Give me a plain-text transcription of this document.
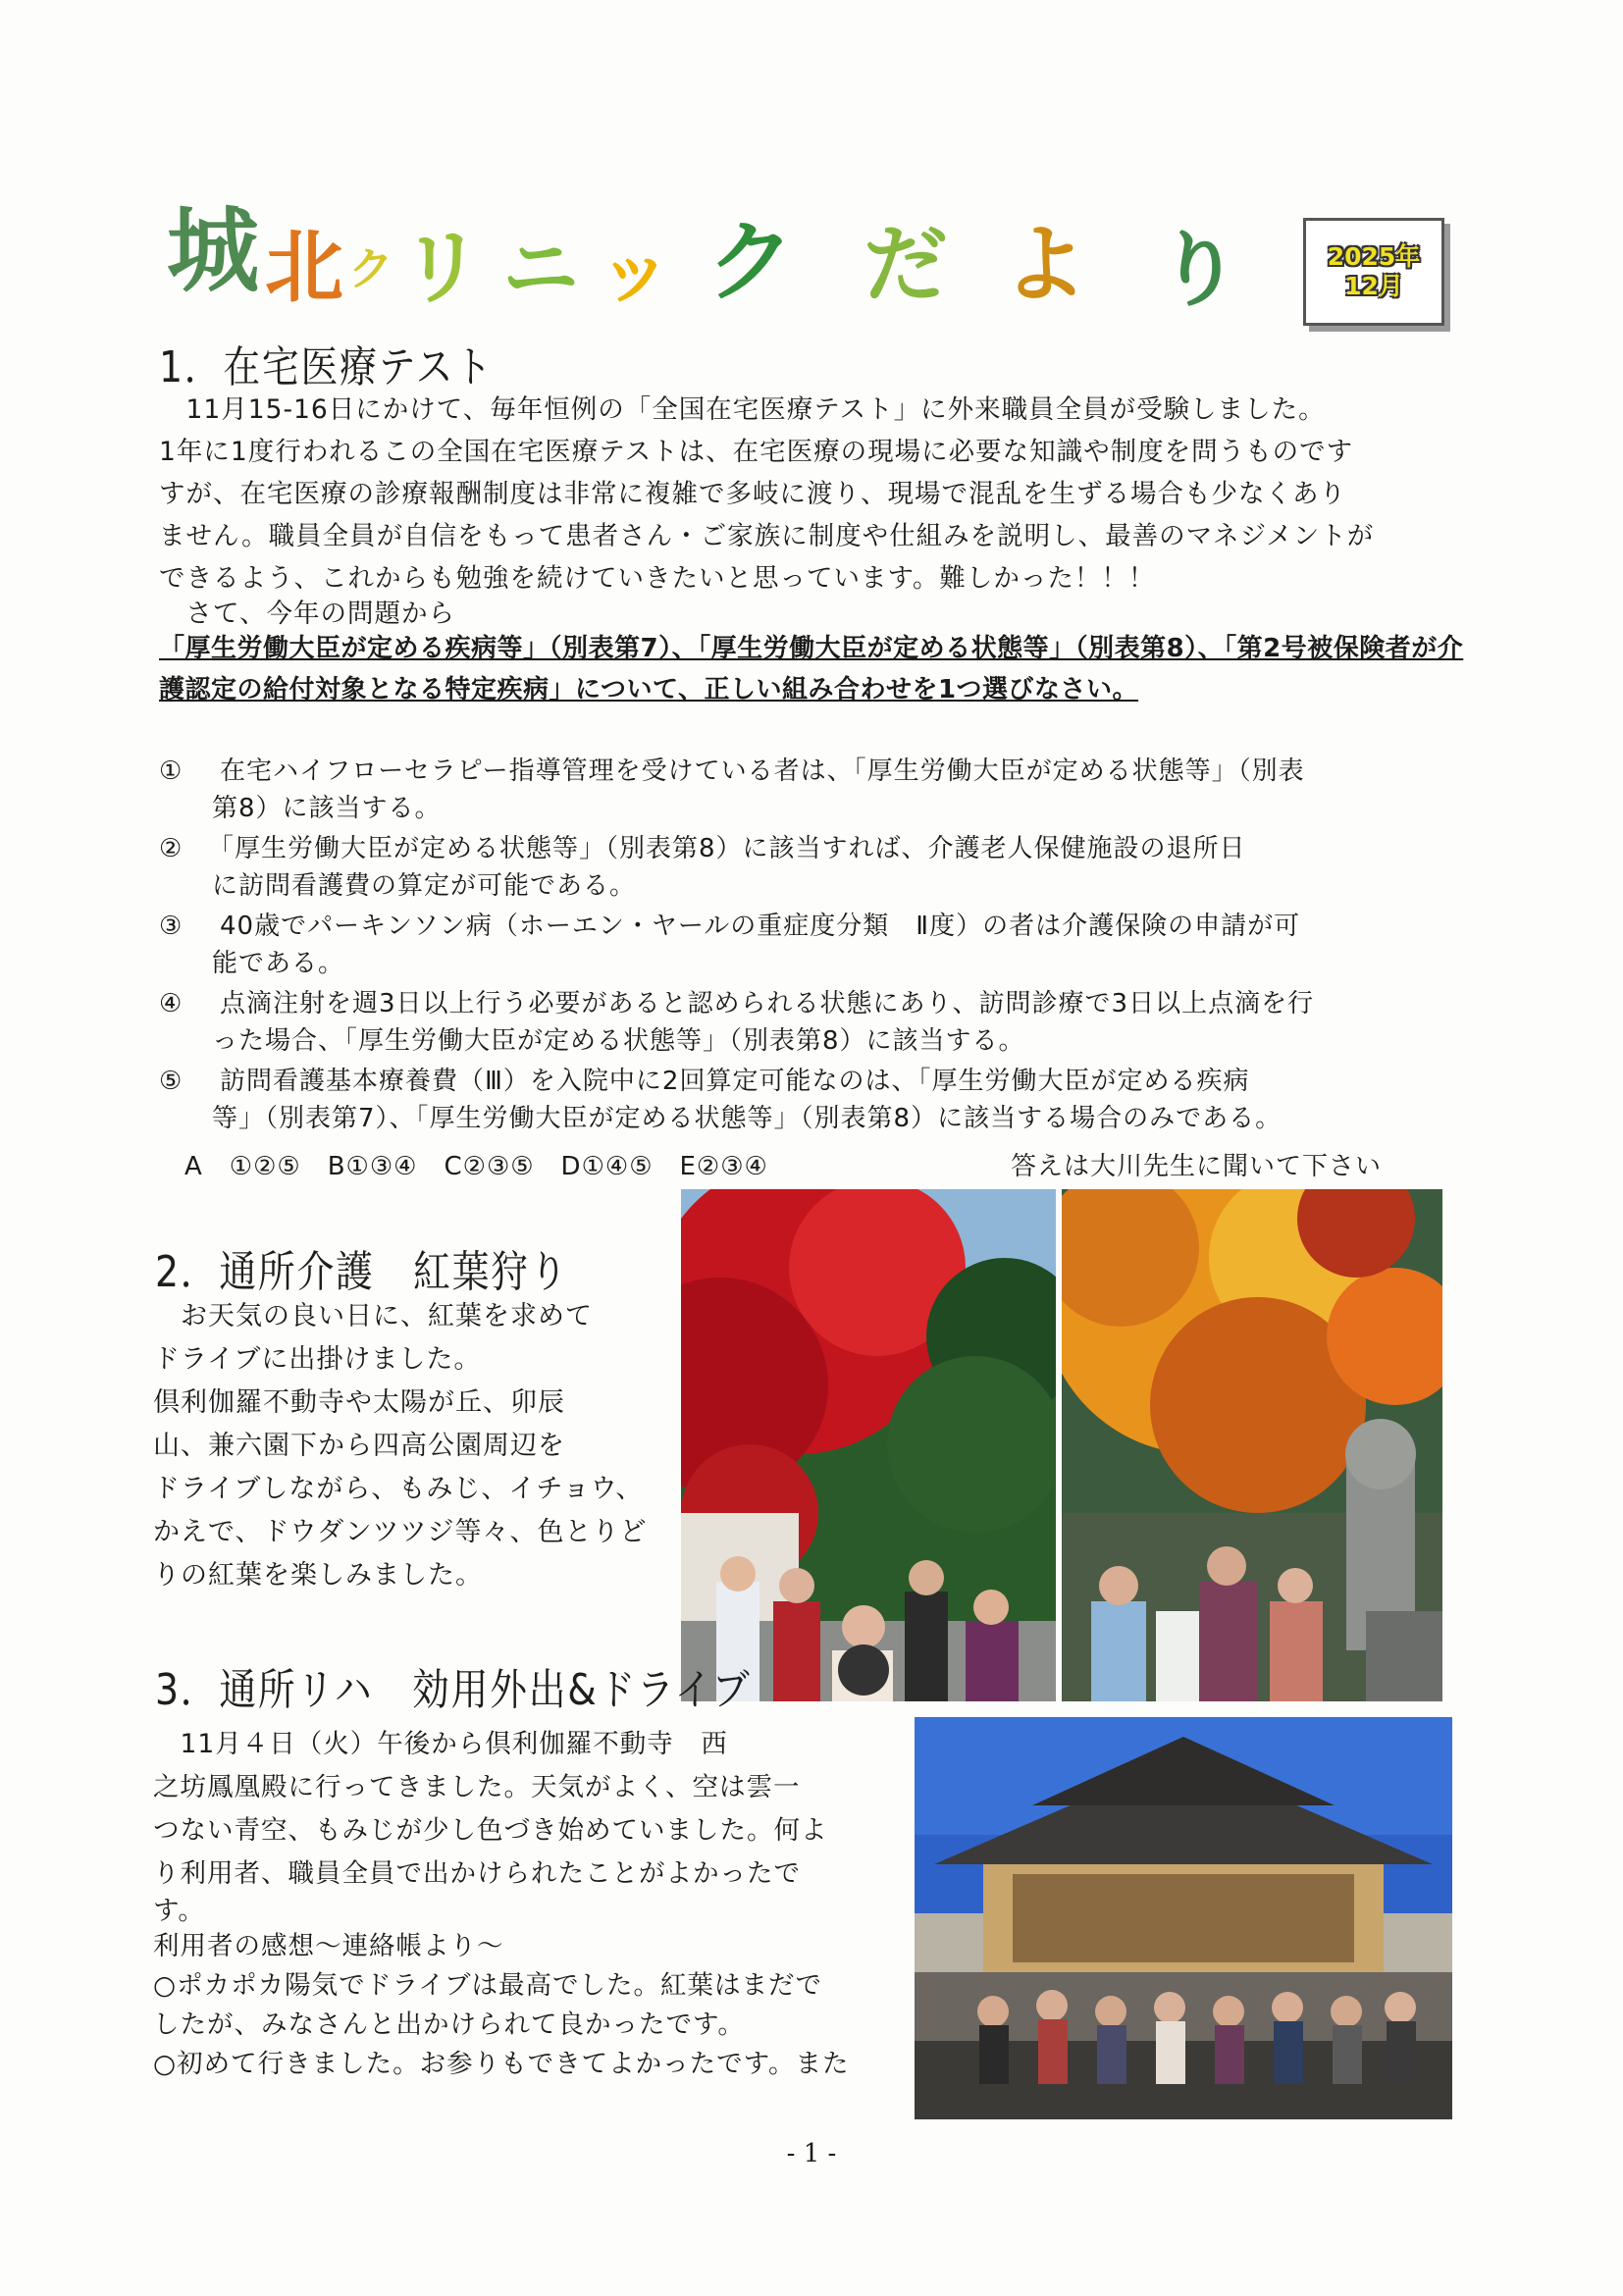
城 北 ク リ ニ ッ ク だ よ り	2025年
12月
1．在宅医療テスト
　11月15-16日にかけて、毎年恒例の「全国在宅医療テスト」に外来職員全員が受験しました。
1年に1度行われるこの全国在宅医療テストは、在宅医療の現場に必要な知識や制度を問うものです
すが、在宅医療の診療報酬制度は非常に複雑で多岐に渡り、現場で混乱を生ずる場合も少なくあり
ません。職員全員が自信をもって患者さん・ご家族に制度や仕組みを説明し、最善のマネジメントが
できるよう、これからも勉強を続けていきたいと思っています。難しかった！！！
　さて、今年の問題から
「厚生労働大臣が定める疾病等」（別表第7）、「厚生労働大臣が定める状態等」（別表第8）、「第2号被保険者が介護認定の給付対象となる特定疾病」について、正しい組み合わせを1つ選びなさい。
① 在宅ハイフローセラピー指導管理を受けている者は、「厚生労働大臣が定める状態等」（別表
第8）に該当する。
② 「厚生労働大臣が定める状態等」（別表第8）に該当すれば、介護老人保健施設の退所日
に訪問看護費の算定が可能である。
③ 40歳でパーキンソン病（ホーエン・ヤールの重症度分類　Ⅱ度）の者は介護保険の申請が可
能である。
④ 点滴注射を週3日以上行う必要があると認められる状態にあり、訪問診療で3日以上点滴を行
った場合、「厚生労働大臣が定める状態等」（別表第8）に該当する。
⑤ 訪問看護基本療養費（Ⅲ）を入院中に2回算定可能なのは、「厚生労働大臣が定める疾病
等」（別表第7）、「厚生労働大臣が定める状態等」（別表第8）に該当する場合のみである。
A　①②⑤　B①③④　C②③⑤　D①④⑤　E②③④	答えは大川先生に聞いて下さい
2．通所介護　紅葉狩り
　お天気の良い日に、紅葉を求めて
ドライブに出掛けました。
倶利伽羅不動寺や太陽が丘、卯辰
山、兼六園下から四高公園周辺を
ドライブしながら、もみじ、イチョウ、
かえで、ドウダンツツジ等々、色とりど
りの紅葉を楽しみました。
3．通所リハ　効用外出&ドライブ
　11月４日（火）午後から倶利伽羅不動寺　西
之坊鳳凰殿に行ってきました。天気がよく、空は雲一
つない青空、もみじが少し色づき始めていました。何よ
り利用者、職員全員で出かけられたことがよかったで
す。
利用者の感想～連絡帳より～
○ポカポカ陽気でドライブは最高でした。紅葉はまだで
したが、みなさんと出かけられて良かったです。
○初めて行きました。お参りもできてよかったです。また
- 1 -
